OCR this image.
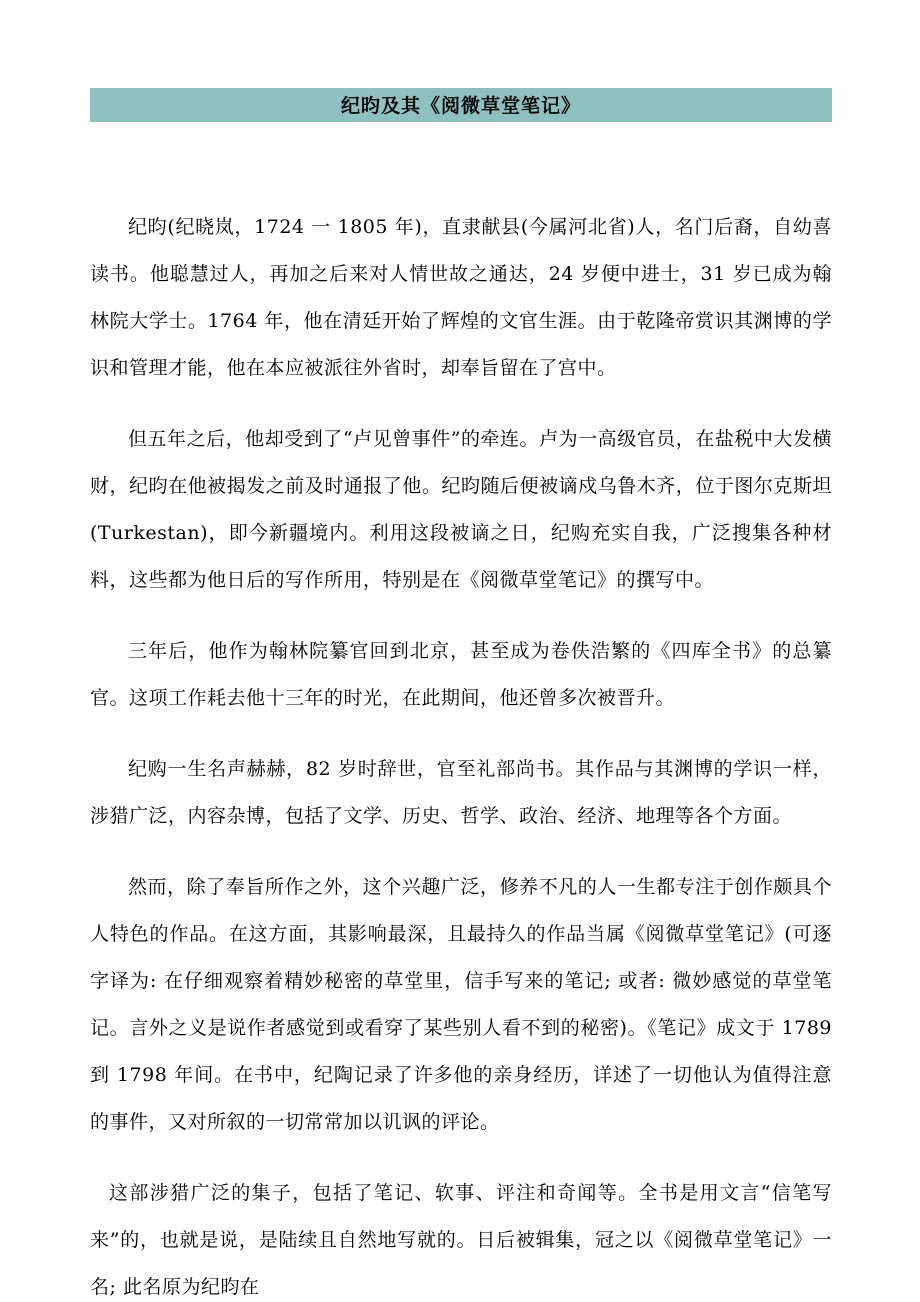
纪昀及其《阅微草堂笔记》

纪昀(纪晓岚，1724 一 1805 年)，直隶献县(今属河北省)人，名门后裔，自幼喜读书。他聪慧过人，再加之后来对人情世故之通达，24 岁便中进士，31 岁已成为翰林院大学士。1764 年，他在清廷开始了辉煌的文官生涯。由于乾隆帝赏识其渊博的学识和管理才能，他在本应被派往外省时，却奉旨留在了宫中。

但五年之后，他却受到了“卢见曾事件”的牵连。卢为一高级官员，在盐税中大发横财，纪昀在他被揭发之前及时通报了他。纪昀随后便被谪戍乌鲁木齐，位于图尔克斯坦(Turkestan)，即今新疆境内。利用这段被谪之日，纪购充实自我，广泛搜集各种材料，这些都为他日后的写作所用，特别是在《阅微草堂笔记》的撰写中。

三年后，他作为翰林院纂官回到北京，甚至成为卷佚浩繁的《四库全书》的总纂官。这项工作耗去他十三年的时光，在此期间，他还曾多次被晋升。

纪购一生名声赫赫，82 岁时辞世，官至礼部尚书。其作品与其渊博的学识一样，涉猎广泛，内容杂博，包括了文学、历史、哲学、政治、经济、地理等各个方面。

然而，除了奉旨所作之外，这个兴趣广泛，修养不凡的人一生都专注于创作颇具个人特色的作品。在这方面，其影响最深，且最持久的作品当属《阅微草堂笔记》(可逐字译为: 在仔细观察着精妙秘密的草堂里，信手写来的笔记; 或者: 微妙感觉的草堂笔记。言外之义是说作者感觉到或看穿了某些别人看不到的秘密)。《笔记》成文于 1789 到 1798 年间。在书中，纪陶记录了许多他的亲身经历，详述了一切他认为值得注意的事件，又对所叙的一切常常加以讥讽的评论。

这部涉猎广泛的集子，包括了笔记、软事、评注和奇闻等。全书是用文言“信笔写来”的，也就是说，是陆续且自然地写就的。日后被辑集，冠之以《阅微草堂笔记》一名; 此名原为纪昀在
